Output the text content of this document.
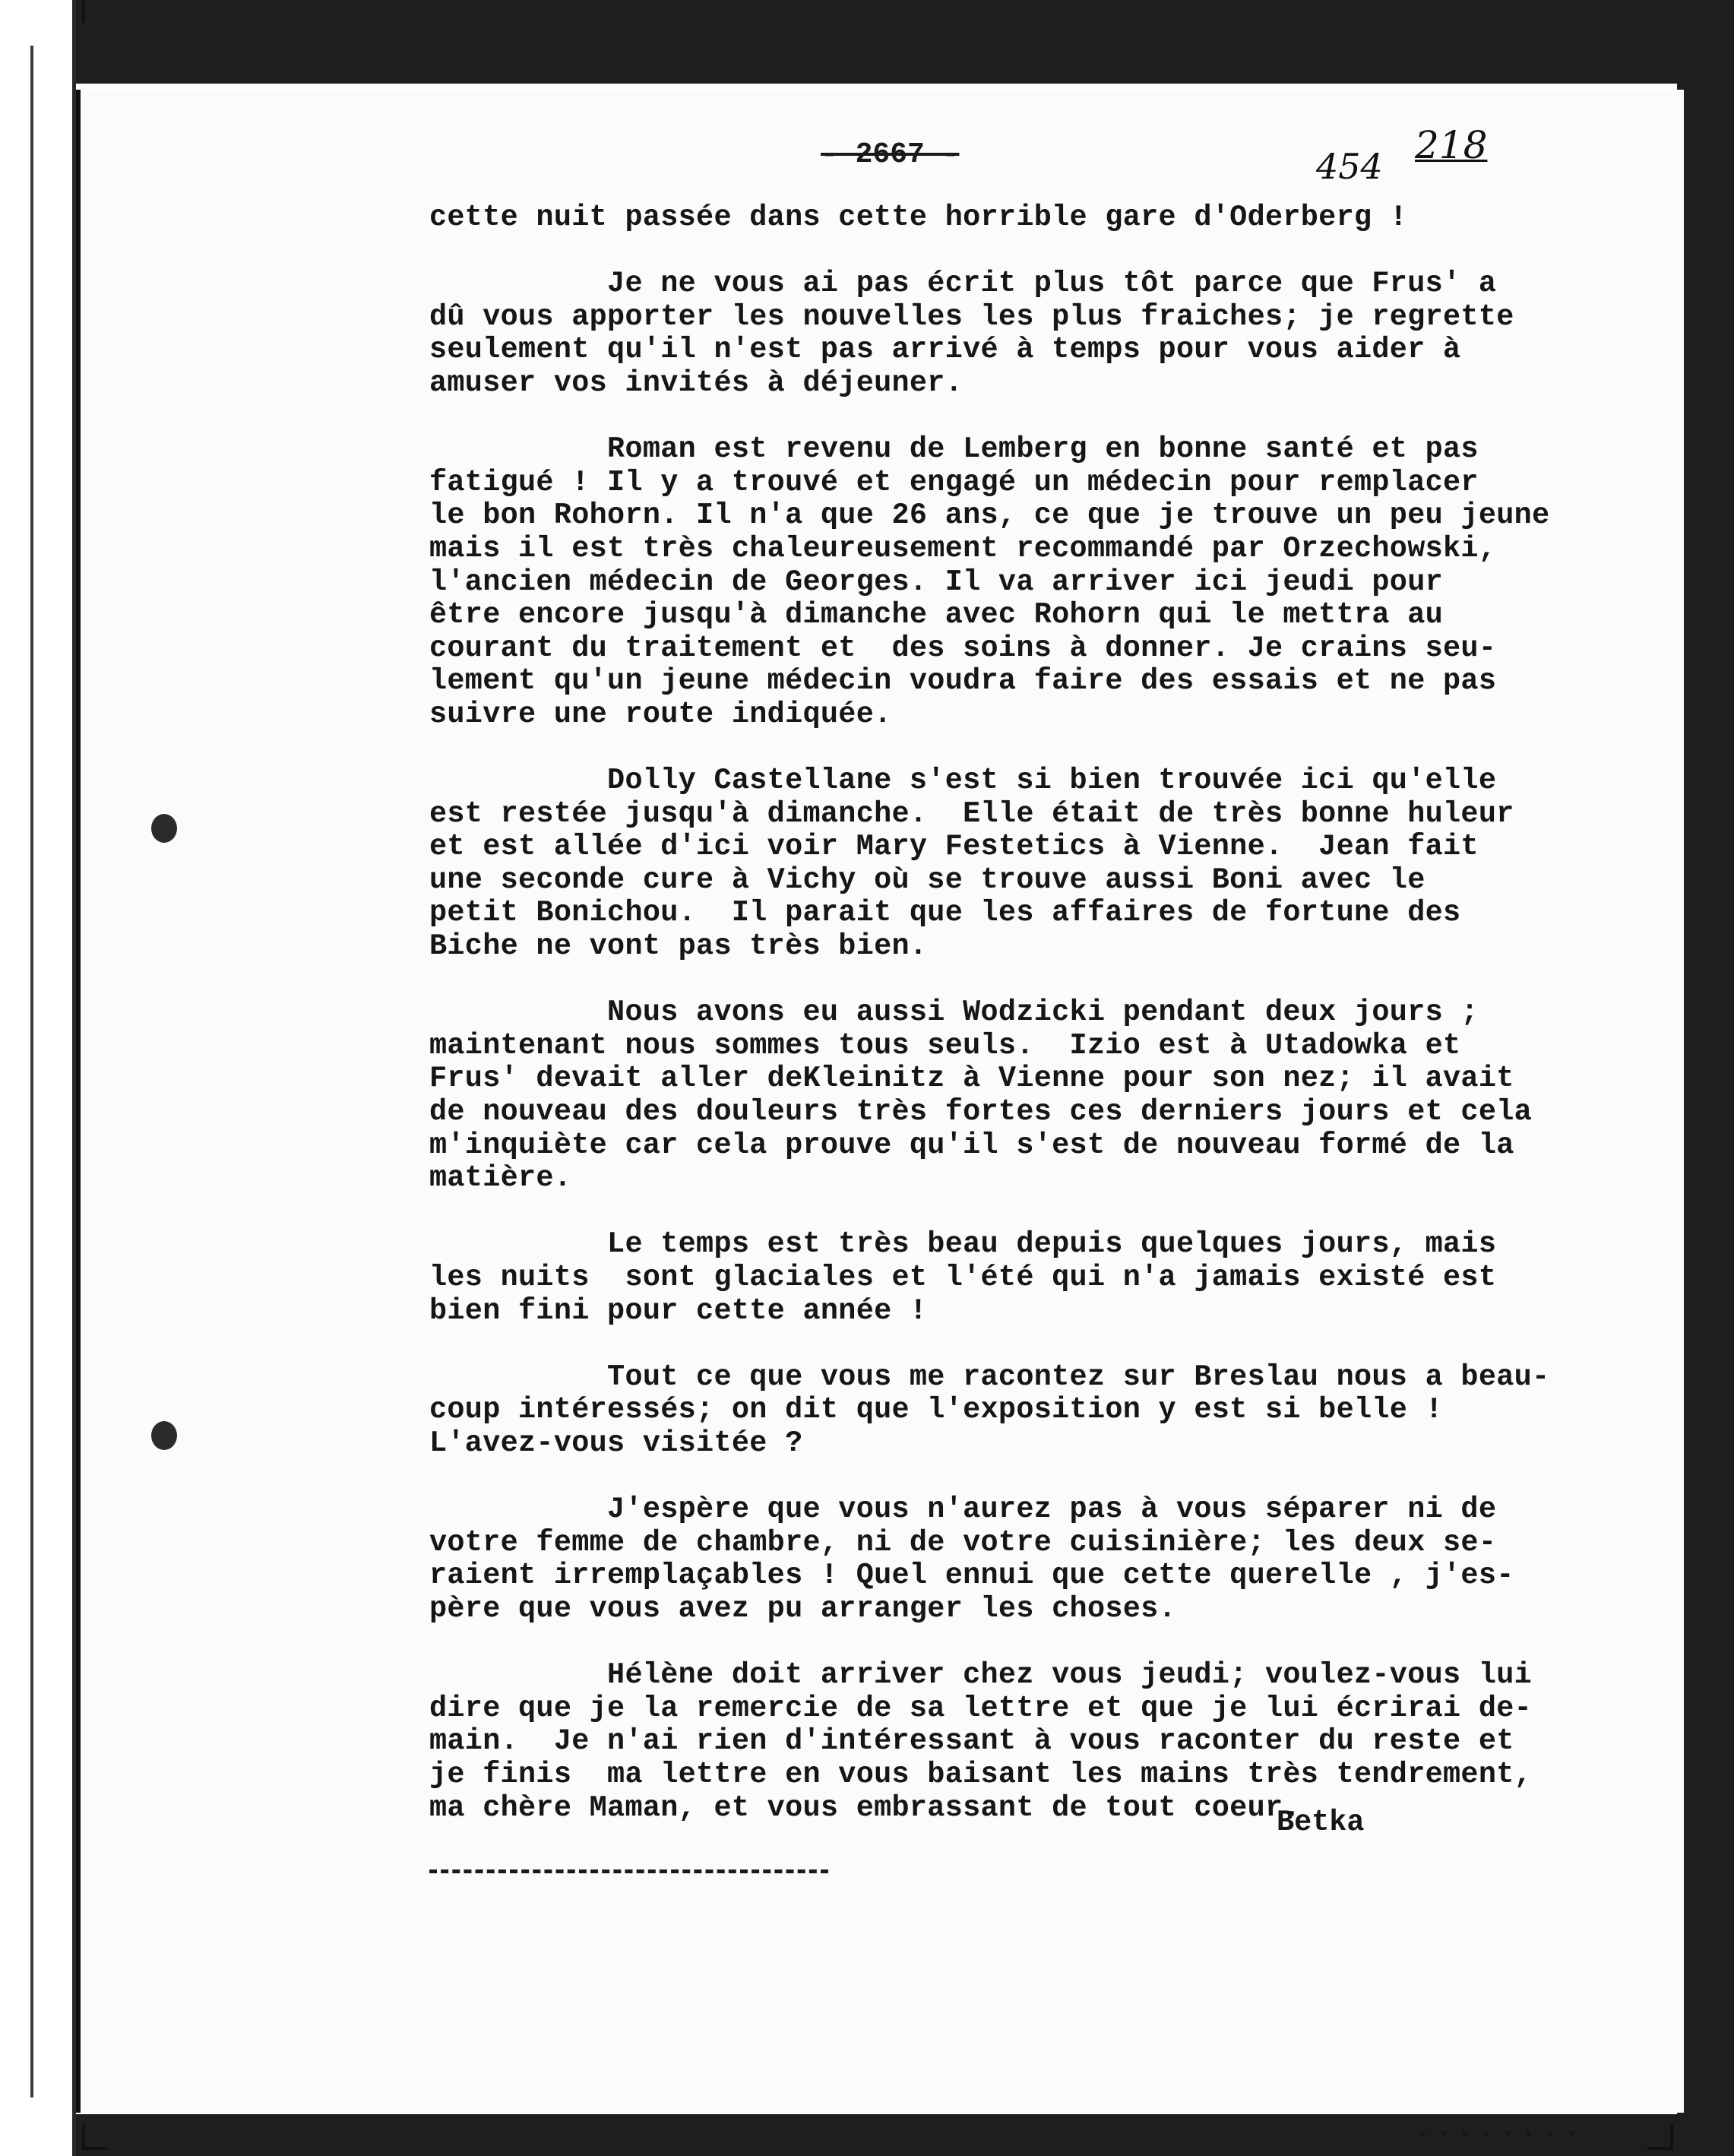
- 2667 -	454 218
cette nuit passée dans cette horrible gare d'Oderberg !
Je ne vous ai pas écrit plus tôt parce que Frus' a
dû vous apporter les nouvelles les plus fraiches; je regrette
seulement qu'il n'est pas arrivé à temps pour vous aider à
amuser vos invités à déjeuner.
Roman est revenu de Lemberg en bonne santé et pas
fatigué ! Il y a trouvé et engagé un médecin pour remplacer
le bon Rohorn. Il n'a que 26 ans, ce que je trouve un peu jeune
mais il est très chaleureusement recommandé par Orzechowski,
l'ancien médecin de Georges. Il va arriver ici jeudi pour
être encore jusqu'à dimanche avec Rohorn qui le mettra au
courant du traitement et  des soins à donner. Je crains seu-
lement qu'un jeune médecin voudra faire des essais et ne pas
suivre une route indiquée.
Dolly Castellane s'est si bien trouvée ici qu'elle
est restée jusqu'à dimanche.  Elle était de très bonne huleur
et est allée d'ici voir Mary Festetics à Vienne.  Jean fait
une seconde cure à Vichy où se trouve aussi Boni avec le
petit Bonichou.  Il parait que les affaires de fortune des
Biche ne vont pas très bien.
Nous avons eu aussi Wodzicki pendant deux jours ;
maintenant nous sommes tous seuls.  Izio est à Utadowka et
Frus' devait aller deKleinitz à Vienne pour son nez; il avait
de nouveau des douleurs très fortes ces derniers jours et cela
m'inquiète car cela prouve qu'il s'est de nouveau formé de la
matière.
Le temps est très beau depuis quelques jours, mais
les nuits  sont glaciales et l'été qui n'a jamais existé est
bien fini pour cette année !
Tout ce que vous me racontez sur Breslau nous a beau-
coup intéressés; on dit que l'exposition y est si belle !
L'avez-vous visitée ?
J'espère que vous n'aurez pas à vous séparer ni de
votre femme de chambre, ni de votre cuisinière; les deux se-
raient irremplaçables ! Quel ennui que cette querelle , j'es-
père que vous avez pu arranger les choses.
Hélène doit arriver chez vous jeudi; voulez-vous lui
dire que je la remercie de sa lettre et que je lui écrirai de-
main.  Je n'ai rien d'intéressant à vous raconter du reste et
je finis  ma lettre en vous baisant les mains très tendrement,
ma chère Maman, et vous embrassant de tout coeur.
Betka
........
